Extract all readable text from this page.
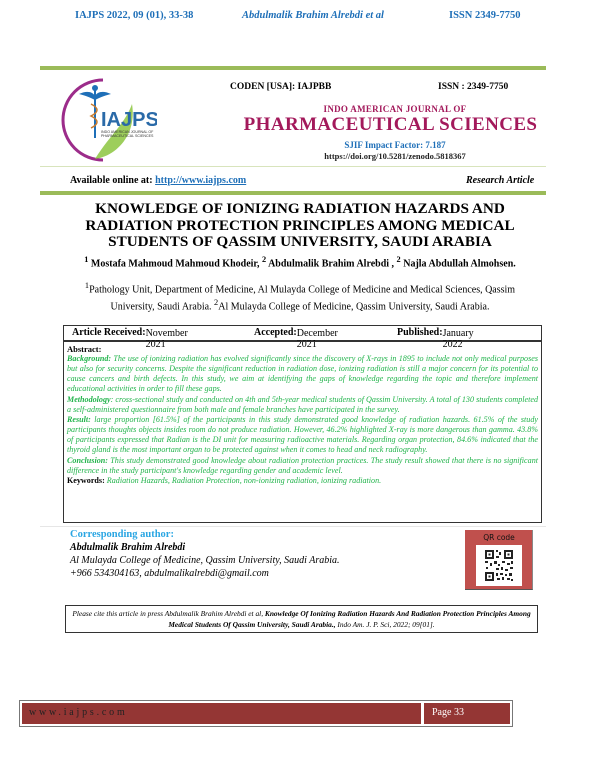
IAJPS 2022, 09 (01), 33-38	Abdulmalik Brahim Alrebdi et al	ISSN 2349-7750
IAJPS
INDO AMERICAN JOURNAL OF
PHARMACEUTICAL SCIENCES
CODEN [USA]: IAJPBB	ISSN : 2349-7750
INDO AMERICAN JOURNAL OF
PHARMACEUTICAL SCIENCES
SJIF Impact Factor: 7.187
https://doi.org/10.5281/zenodo.5818367
Available online at: http://www.iajps.com	Research Article
KNOWLEDGE OF IONIZING RADIATION HAZARDS AND RADIATION PROTECTION PRINCIPLES AMONG MEDICAL STUDENTS OF QASSIM UNIVERSITY, SAUDI ARABIA
$^1$ Mostafa Mahmoud Mahmoud Khodeir, $^2$ Abdulmalik Brahim Alrebdi , $^2$ Najla Abdullah Almohsen.
$^1$Pathology Unit, Department of Medicine, Al Mulayda College of Medicine and Medical Sciences, Qassim University, Saudi Arabia. $^2$Al Mulayda College of Medicine, Qassim University, Saudi Arabia.
Article Received: November 2021
Accepted: December 2021
Published: January 2022
Abstract:
Background: The use of ionizing radiation has evolved significantly since the discovery of X-rays in 1895 to include not only medical purposes but also for security concerns. Despite the significant reduction in radiation dose, ionizing radiation is still a major concern for its potential to cause cancers and birth defects. In this study, we aim at identifying the gaps of knowledge regarding the topic and therefore implement educational activities in order to fill these gaps.
Methodology: cross-sectional study and conducted on 4th and 5th-year medical students of Qassim University. A total of 130 students completed a self-administered questionnaire from both male and female branches have participated in the survey.
Result: large proportion [61.5%] of the participants in this study demonstrated good knowledge of radiation hazards. 61.5% of the study participants thoughts objects insides room do not produce radiation. However, 46.2% highlighted X-ray is more dangerous than gamma. 43.8% of participants expressed that Radian is the DI unit for measuring radioactive materials. Regarding organ protection, 84.6% indicated that the thyroid gland is the most important organ to be protected against when it comes to head and neck radiography.
Conclusion: This study demonstrated good knowledge about radiation protection practices. The study result showed that there is no significant difference in the study participant's knowledge regarding gender and academic level.
Keywords: Radiation Hazards, Radiation Protection, non-ionizing radiation, ionizing radiation.
Corresponding author:
Abdulmalik Brahim Alrebdi
Al Mulayda College of Medicine, Qassim University, Saudi Arabia.
+966 534304163, abdulmalikalrebdi@gmail.com
QR code
Please cite this article in press Abdulmalik Brahim Alrebdi et al, Knowledge Of Ionizing Radiation Hazards And Radiation Protection Principles Among Medical Students Of Qassim University, Saudi Arabia., Indo Am. J. P. Sci, 2022; 09[01].
www.iajps.com	Page 33
